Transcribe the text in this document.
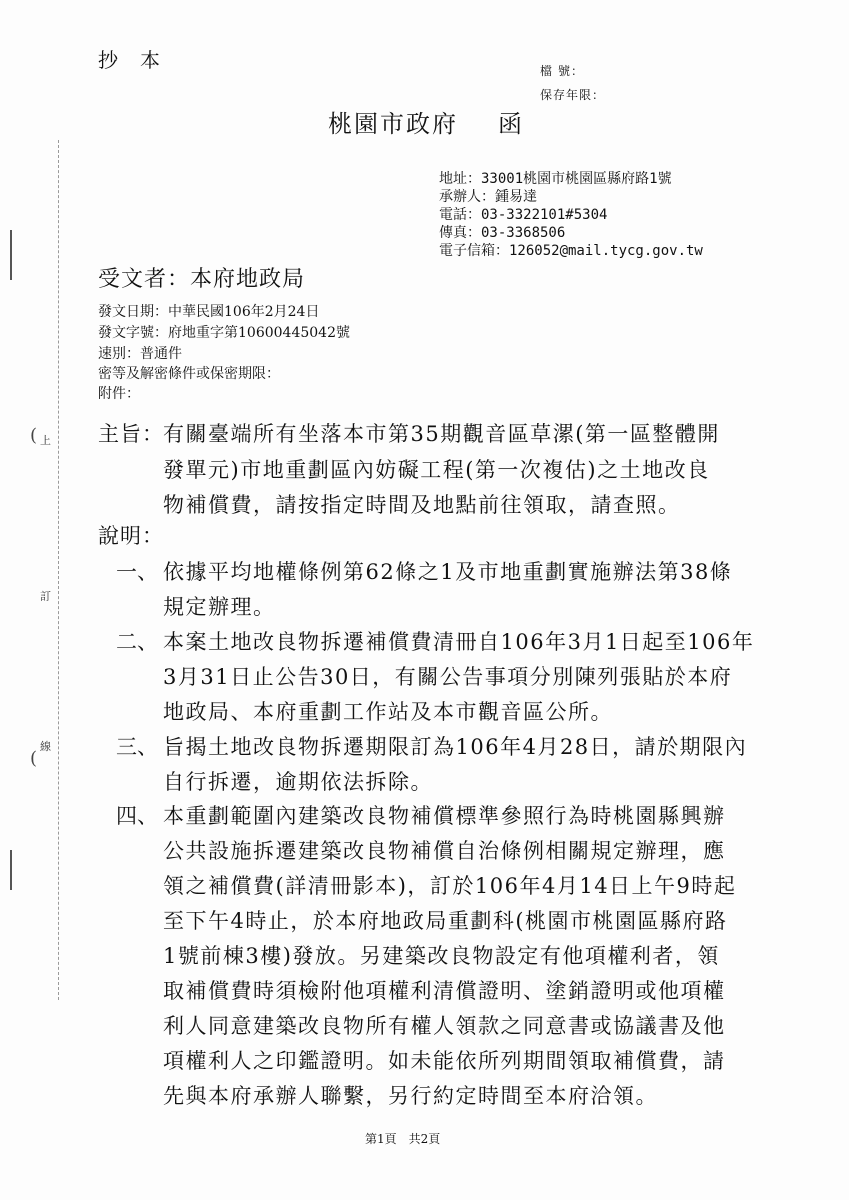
( 上
訂
線
(
抄本	檔 號：
保存年限：
桃園市政府 函
地址：33001桃園市桃園區縣府路1號
承辦人：鍾易達
電話：03-3322101#5304
傳真：03-3368506
電子信箱：126052@mail.tycg.gov.tw
受文者：本府地政局
發文日期：中華民國106年2月24日
發文字號：府地重字第10600445042號
速別：普通件
密等及解密條件或保密期限：
附件：
主旨： 有關臺端所有坐落本市第35期觀音區草漯(第一區整體開
發單元)市地重劃區內妨礙工程(第一次複估)之土地改良
物補償費，請按指定時間及地點前往領取，請查照。
說明：
一、 依據平均地權條例第62條之1及市地重劃實施辦法第38條
規定辦理。
二、 本案土地改良物拆遷補償費清冊自106年3月1日起至106年
3月31日止公告30日，有關公告事項分別陳列張貼於本府
地政局、本府重劃工作站及本市觀音區公所。
三、 旨揭土地改良物拆遷期限訂為106年4月28日，請於期限內
自行拆遷，逾期依法拆除。
四、 本重劃範圍內建築改良物補償標準參照行為時桃園縣興辦
公共設施拆遷建築改良物補償自治條例相關規定辦理，應
領之補償費(詳清冊影本)，訂於106年4月14日上午9時起
至下午4時止，於本府地政局重劃科(桃園市桃園區縣府路
1號前棟3樓)發放。另建築改良物設定有他項權利者，領
取補償費時須檢附他項權利清償證明、塗銷證明或他項權
利人同意建築改良物所有權人領款之同意書或協議書及他
項權利人之印鑑證明。如未能依所列期間領取補償費，請
先與本府承辦人聯繫，另行約定時間至本府洽領。
第1頁 共2頁
